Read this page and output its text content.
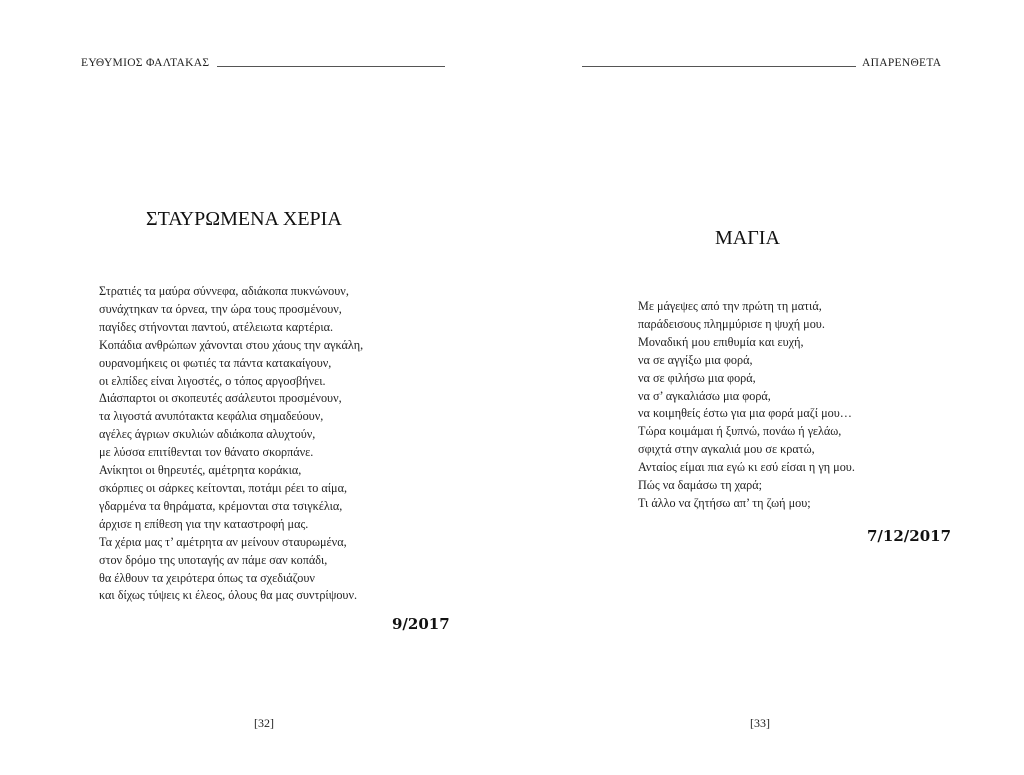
ΕΥΘΥΜΙΟΣ ΦΑΛΤΑΚΑΣ
ΣΤΑΥΡΩΜΕΝΑ ΧΕΡΙΑ
Στρατιές τα μαύρα σύννεφα, αδιάκοπα πυκνώνουν,
συνάχτηκαν τα όρνεα, την ώρα τους προσμένουν,
παγίδες στήνονται παντού, ατέλειωτα καρτέρια.
Κοπάδια ανθρώπων χάνονται στου χάους την αγκάλη,
ουρανομήκεις οι φωτιές τα πάντα κατακαίγουν,
οι ελπίδες είναι λιγοστές, ο τόπος αργοσβήνει.
Διάσπαρτοι οι σκοπευτές ασάλευτοι προσμένουν,
τα λιγοστά ανυπότακτα κεφάλια σημαδεύουν,
αγέλες άγριων σκυλιών αδιάκοπα αλυχτούν,
με λύσσα επιτίθενται τον θάνατο σκορπάνε.
Ανίκητοι οι θηρευτές, αμέτρητα κοράκια,
σκόρπιες οι σάρκες κείτονται, ποτάμι ρέει το αίμα,
γδαρμένα τα θηράματα, κρέμονται στα τσιγκέλια,
άρχισε η επίθεση για την καταστροφή μας.
Τα χέρια μας τ’ αμέτρητα αν μείνουν σταυρωμένα,
στον δρόμο της υποταγής αν πάμε σαν κοπάδι,
θα έλθουν τα χειρότερα όπως τα σχεδιάζουν
και δίχως τύψεις κι έλεος, όλους θα μας συντρίψουν.
9/2017
[32]
ΑΠΑΡΕΝΘΕΤΑ
ΜΑΓΙΑ
Με μάγεψες από την πρώτη τη ματιά,
παράδεισους πλημμύρισε η ψυχή μου.
Μοναδική μου επιθυμία και ευχή,
να σε αγγίξω μια φορά,
να σε φιλήσω μια φορά,
να σ’ αγκαλιάσω μια φορά,
να κοιμηθείς έστω για μια φορά μαζί μου…
Τώρα κοιμάμαι ή ξυπνώ, πονάω ή γελάω,
σφιχτά στην αγκαλιά μου σε κρατώ,
Ανταίος είμαι πια εγώ κι εσύ είσαι η γη μου.
Πώς να δαμάσω τη χαρά;
Τι άλλο να ζητήσω απ’ τη ζωή μου;
7/12/2017
[33]
